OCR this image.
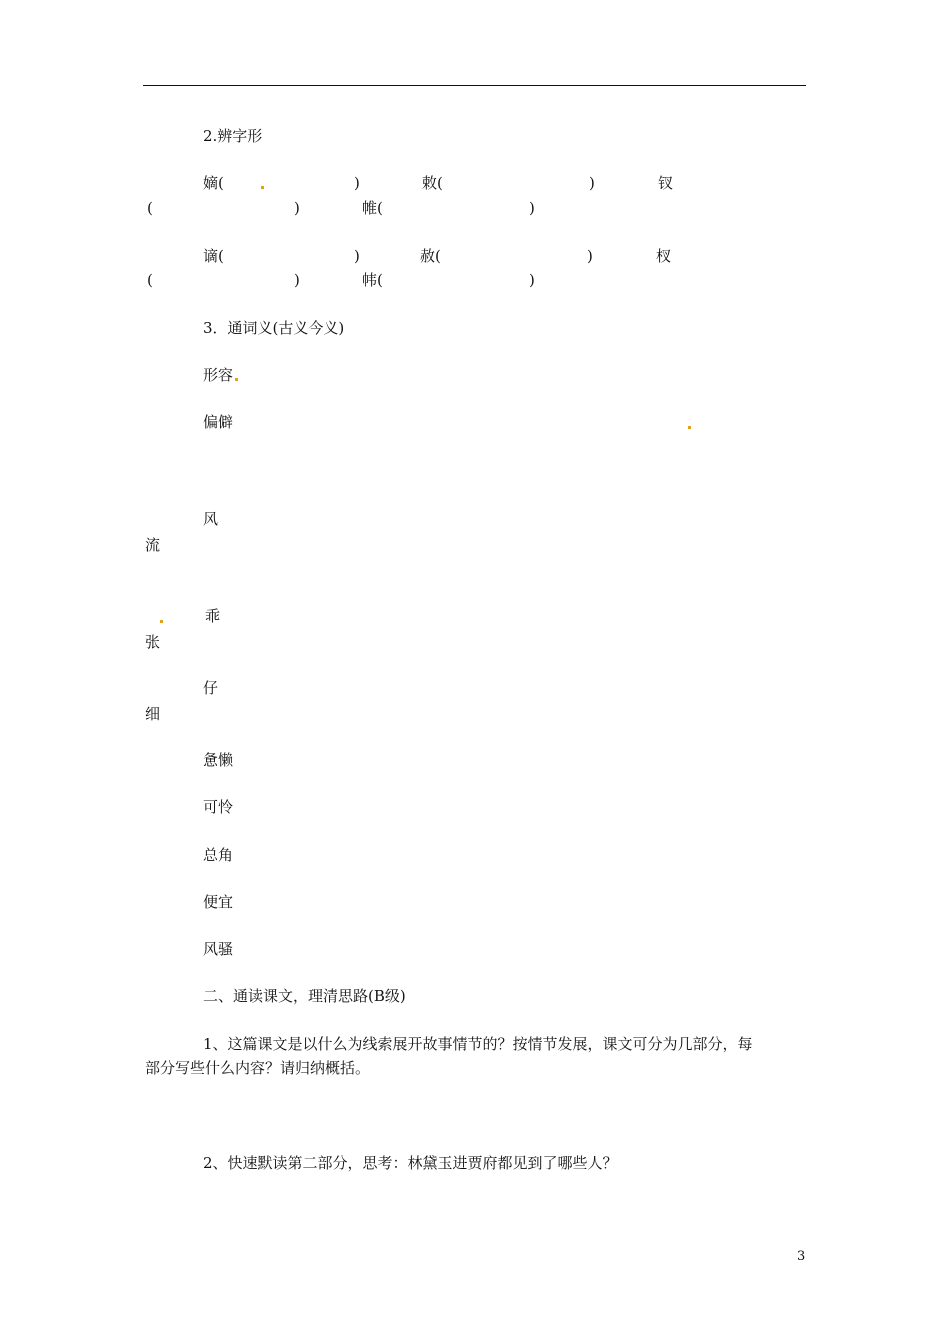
2.辨字形
嫡(	)	敕(	)	钗
(	)	帷(	)
谪(	)	赦(	)	杈
(	)	帏(	)
3．通词义(古义今义)
形容
偏僻
风
流
乖
张
仔
细
惫懒
可怜
总角
便宜
风骚
二、通读课文，理清思路(B级)
1、这篇课文是以什么为线索展开故事情节的？按情节发展，课文可分为几部分，每
部分写些什么内容？请归纳概括。
2、快速默读第二部分，思考：林黛玉进贾府都见到了哪些人？
3
